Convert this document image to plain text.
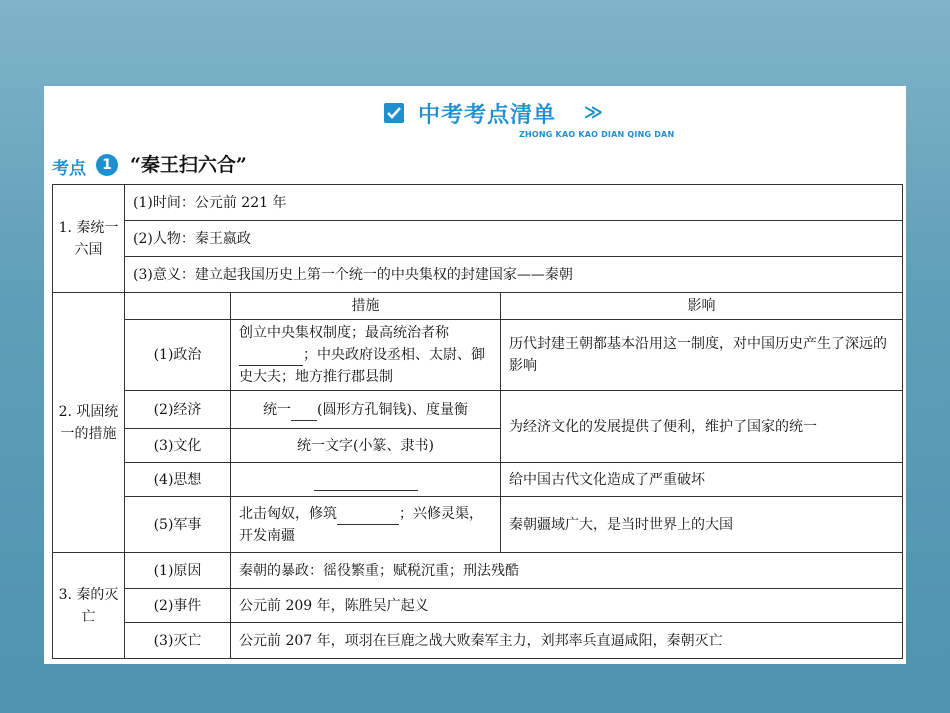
中考考点清单 ≫
ZHONG KAO KAO DIAN QING DAN
考点	1 “秦王扫六合”
1. 秦统一六国	(1)时间：公元前 221 年		
	(2)人物：秦王嬴政		
	(3)意义：建立起我国历史上第一个统一的中央集权的封建国家——秦朝		
2. 巩固统一的措施		措施	影响
	(1)政治	创立中央集权制度；最高统治者称；中央政府设丞相、太尉、御史大夫；地方推行郡县制	历代封建王朝都基本沿用这一制度，对中国历史产生了深远的影响
	(2)经济	统一 (圆形方孔铜钱)、度量衡	为经济文化的发展提供了便利，维护了国家的统一
	(3)文化	统一文字(小篆、隶书)	
	(4)思想		给中国古代文化造成了严重破坏
	(5)军事	北击匈奴，修筑 ；兴修灵渠，开发南疆	秦朝疆域广大，是当时世界上的大国
3. 秦的灭亡	(1)原因	秦朝的暴政：徭役繁重；赋税沉重；刑法残酷	
	(2)事件	公元前 209 年，陈胜吴广起义	
	(3)灭亡	公元前 207 年，项羽在巨鹿之战大败秦军主力，刘邦率兵直逼咸阳，秦朝灭亡	
